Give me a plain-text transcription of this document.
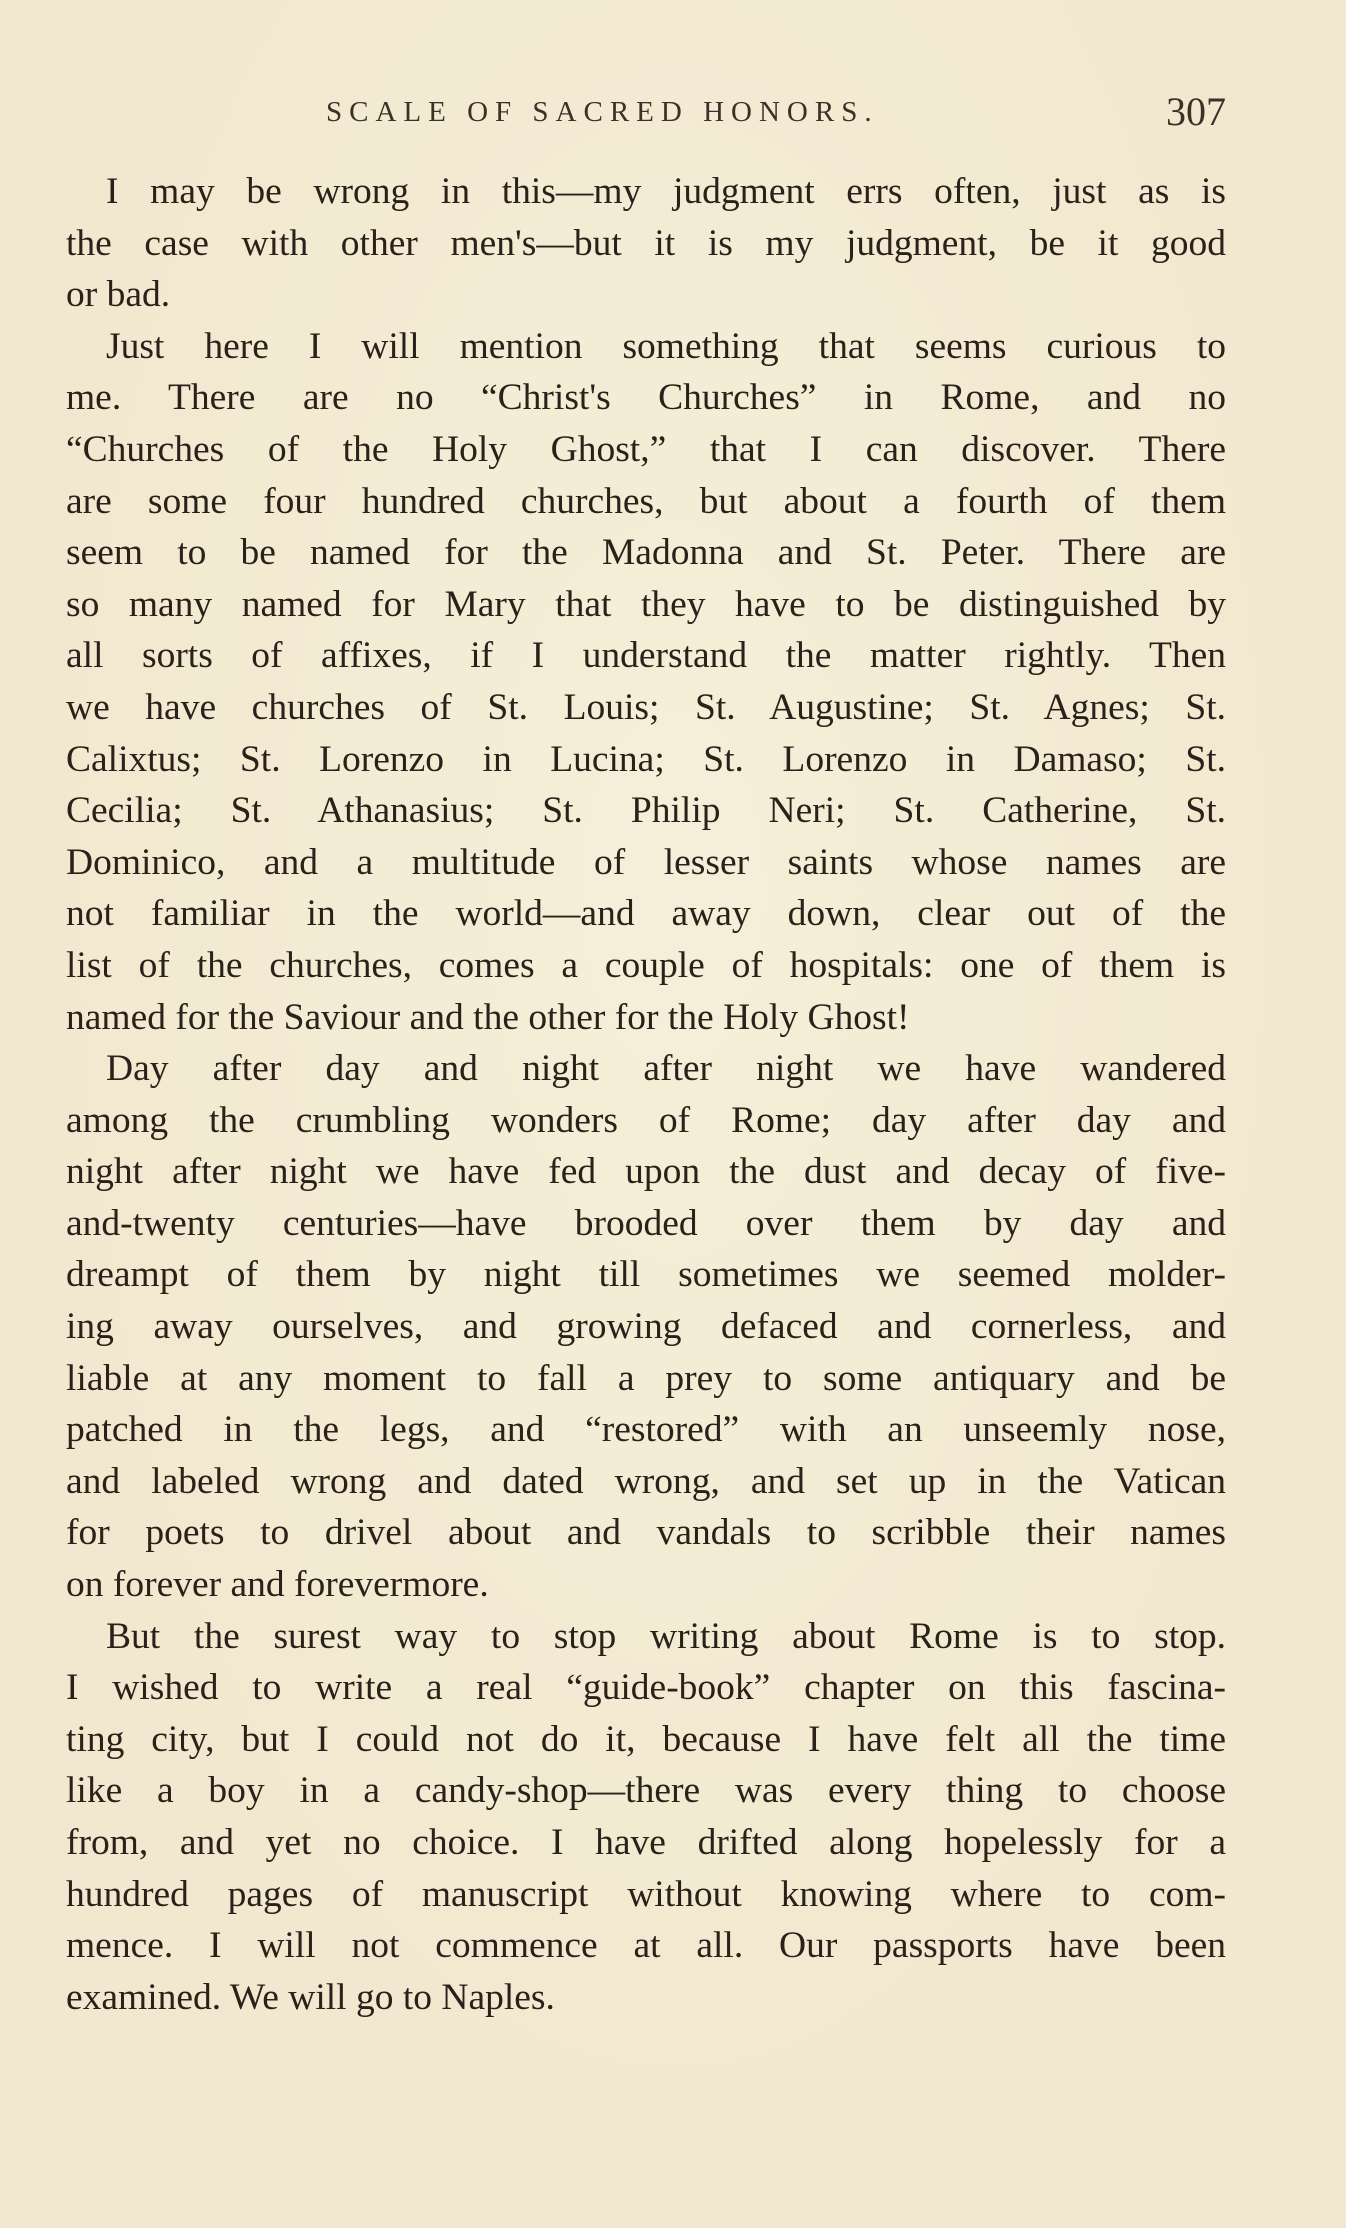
SCALE OF SACRED HONORS.	307

I may be wrong in this—my judgment errs often, just as is
the case with other men's—but it is my judgment, be it good
or bad.

Just here I will mention something that seems curious to
me. There are no “Christ's Churches” in Rome, and no
“Churches of the Holy Ghost,” that I can discover. There
are some four hundred churches, but about a fourth of them
seem to be named for the Madonna and St. Peter. There are
so many named for Mary that they have to be distinguished by
all sorts of affixes, if I understand the matter rightly. Then
we have churches of St. Louis; St. Augustine; St. Agnes; St.
Calixtus; St. Lorenzo in Lucina; St. Lorenzo in Damaso; St.
Cecilia; St. Athanasius; St. Philip Neri; St. Catherine, St.
Dominico, and a multitude of lesser saints whose names are
not familiar in the world—and away down, clear out of the
list of the churches, comes a couple of hospitals: one of them is
named for the Saviour and the other for the Holy Ghost!

Day after day and night after night we have wandered
among the crumbling wonders of Rome; day after day and
night after night we have fed upon the dust and decay of five-
and-twenty centuries—have brooded over them by day and
dreampt of them by night till sometimes we seemed molder-
ing away ourselves, and growing defaced and cornerless, and
liable at any moment to fall a prey to some antiquary and be
patched in the legs, and “restored” with an unseemly nose,
and labeled wrong and dated wrong, and set up in the Vatican
for poets to drivel about and vandals to scribble their names
on forever and forevermore.

But the surest way to stop writing about Rome is to stop.
I wished to write a real “guide-book” chapter on this fascina-
ting city, but I could not do it, because I have felt all the time
like a boy in a candy-shop—there was every thing to choose
from, and yet no choice. I have drifted along hopelessly for a
hundred pages of manuscript without knowing where to com-
mence. I will not commence at all. Our passports have been
examined. We will go to Naples.
